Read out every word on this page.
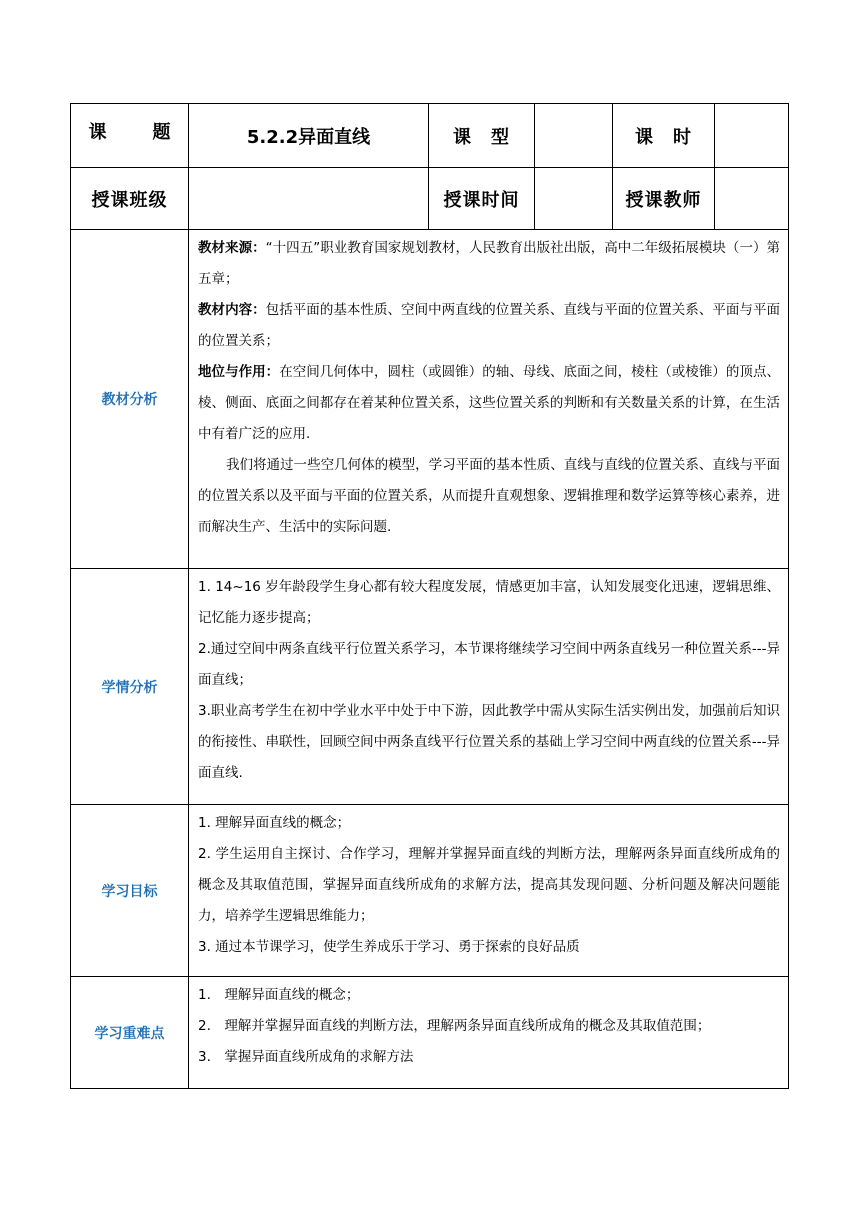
课　题	5.2.2异面直线	课　型		课　时	
授课班级		授课时间		授课教师	
教材分析	教材来源：“十四五”职业教育国家规划教材，人民教育出版社出版，高中二年级拓展模块（一）第五章；

教材内容：包括平面的基本性质、空间中两直线的位置关系、直线与平面的位置关系、平面与平面的位置关系；

地位与作用：在空间几何体中，圆柱（或圆锥）的轴、母线、底面之间，棱柱（或棱锥）的顶点、棱、侧面、底面之间都存在着某种位置关系，这些位置关系的判断和有关数量关系的计算，在生活中有着广泛的应用.

我们将通过一些空几何体的模型，学习平面的基本性质、直线与直线的位置关系、直线与平面的位置关系以及平面与平面的位置关系，从而提升直观想象、逻辑推理和数学运算等核心素养，进而解决生产、生活中的实际问题.				

学情分析	1. 14~16 岁年龄段学生身心都有较大程度发展，情感更加丰富，认知发展变化迅速，逻辑思维、记忆能力逐步提高；

2.通过空间中两条直线平行位置关系学习，本节课将继续学习空间中两条直线另一种位置关系---异面直线；

3.职业高考学生在初中学业水平中处于中下游，因此教学中需从实际生活实例出发，加强前后知识的衔接性、串联性，回顾空间中两条直线平行位置关系的基础上学习空间中两直线的位置关系---异面直线.				

学习目标	1. 理解异面直线的概念；

2. 学生运用自主探讨、合作学习，理解并掌握异面直线的判断方法，理解两条异面直线所成角的概念及其取值范围，掌握异面直线所成角的求解方法，提高其发现问题、分析问题及解决问题能力，培养学生逻辑思维能力；

3. 通过本节课学习，使学生养成乐于学习、勇于探索的良好品质				

学习重难点	1.　理解异面直线的概念；

2.　理解并掌握异面直线的判断方法，理解两条异面直线所成角的概念及其取值范围；

3.　掌握异面直线所成角的求解方法				
